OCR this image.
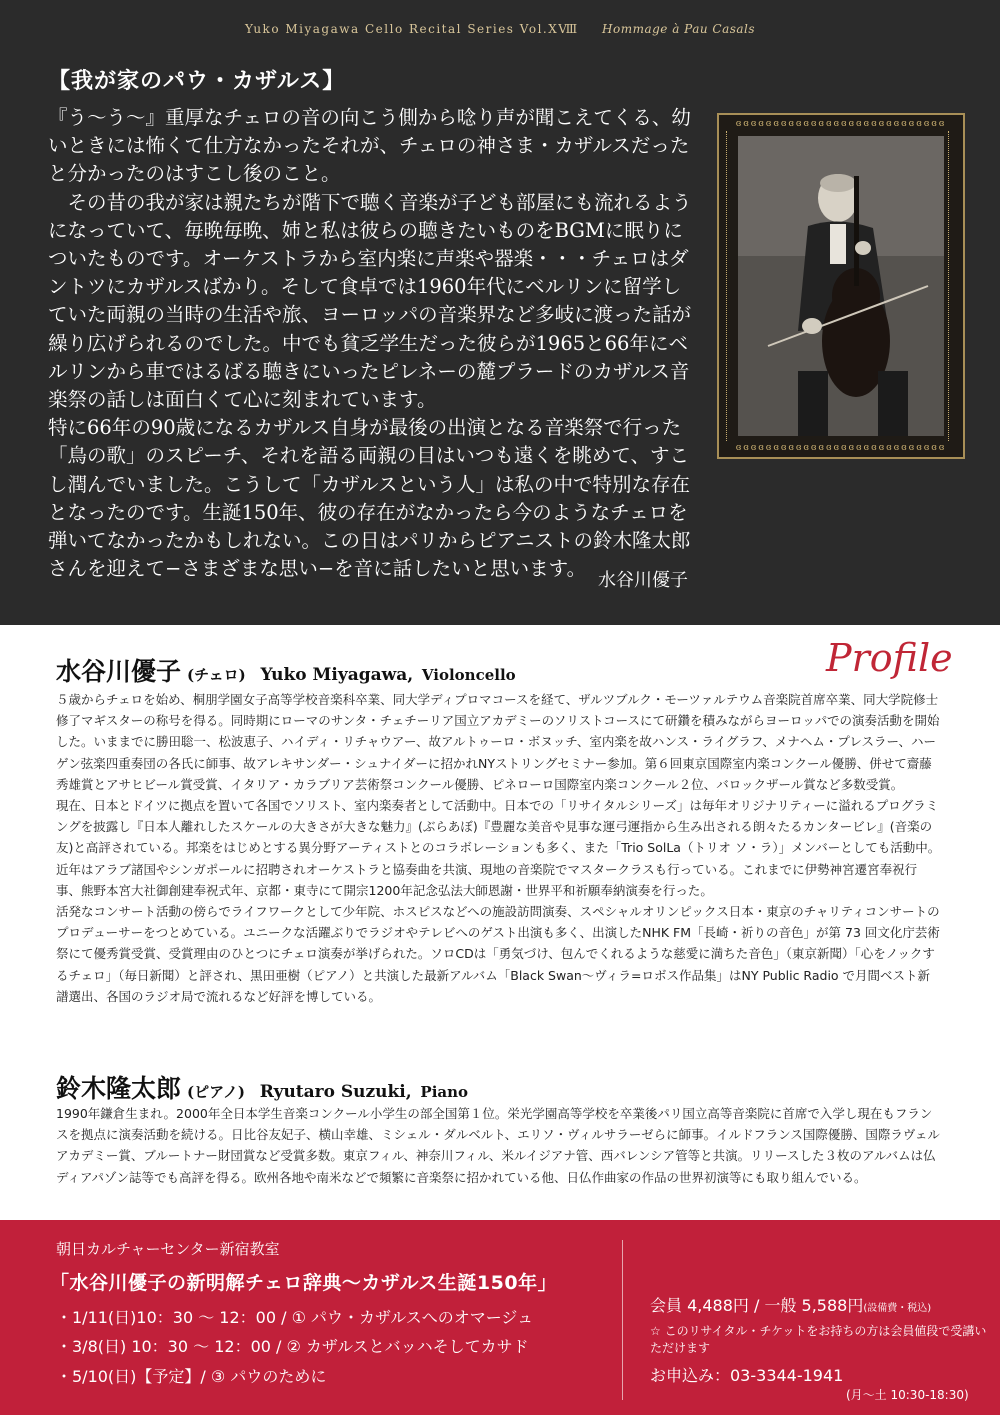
Yuko Miyagawa Cello Recital Series Vol.XⅧ Hommage à Pau Casals
【我が家のパウ・カザルス】

『う〜う〜』重厚なチェロの音の向こう側から唸り声が聞こえてくる、幼いときには怖くて仕方なかったそれが、チェロの神さま・カザルスだったと分かったのはすこし後のこと。

その昔の我が家は親たちが階下で聴く音楽が子ども部屋にも流れるようになっていて、毎晩毎晩、姉と私は彼らの聴きたいものをBGMに眠りについたものです。オーケストラから室内楽に声楽や器楽・・・チェロはダントツにカザルスばかり。そして食卓では1960年代にベルリンに留学していた両親の当時の生活や旅、ヨーロッパの音楽界など多岐に渡った話が繰り広げられるのでした。中でも貧乏学生だった彼らが1965と66年にベルリンから車ではるばる聴きにいったピレネーの麓プラードのカザルス音楽祭の話しは面白くて心に刻まれています。

特に66年の90歳になるカザルス自身が最後の出演となる音楽祭で行った「鳥の歌」のスピーチ、それを語る両親の目はいつも遠くを眺めて、すこし潤んでいました。こうして「カザルスという人」は私の中で特別な存在となったのです。生誕150年、彼の存在がなかったら今のようなチェロを弾いてなかったかもしれない。この日はパリからピアニストの鈴木隆太郎さんを迎えて−さまざまな思い−を音に話したいと思います。

水谷川優子
ɞɞɞɞɞɞɞɞɞɞɞɞɞɞɞɞɞɞɞɞɞɞɞɞɞɞɞɞ
ɞɞɞɞɞɞɞɞɞɞɞɞɞɞɞɞɞɞɞɞɞɞɞɞɞɞɞɞ
Profile
水谷川優子 (チェロ) Yuko Miyagawa, Violoncello

５歳からチェロを始め、桐朋学園女子高等学校音楽科卒業、同大学ディプロマコースを経て、ザルツブルク・モーツァルテウム音楽院首席卒業、同大学院修士修了マギスターの称号を得る。同時期にローマのサンタ・チェチーリア国立アカデミーのソリストコースにて研鑽を積みながらヨーロッパでの演奏活動を開始した。いままでに勝田聡一、松波恵子、ハイディ・リチャウアー、故アルトゥーロ・ボヌッチ、室内楽を故ハンス・ライグラフ、メナヘム・プレスラー、ハーゲン弦楽四重奏団の各氏に師事、故アレキサンダー・シュナイダーに招かれNYストリングセミナー参加。第６回東京国際室内楽コンクール優勝、併せて齋藤秀雄賞とアサヒビール賞受賞、イタリア・カラブリア芸術祭コンクール優勝、ピネローロ国際室内楽コンクール２位、バロックザール賞など多数受賞。

現在、日本とドイツに拠点を置いて各国でソリスト、室内楽奏者として活動中。日本での「リサイタルシリーズ」は毎年オリジナリティーに溢れるプログラミングを披露し『日本人離れしたスケールの大きさが大きな魅力』(ぶらあぼ)『豊麗な美音や見事な運弓運指から生み出される朗々たるカンタービレ』(音楽の友)と高評されている。邦楽をはじめとする異分野アーティストとのコラボレーションも多く、また「Trio SolLa（トリオ ソ・ラ）」メンバーとしても活動中。近年はアラブ諸国やシンガポールに招聘されオーケストラと協奏曲を共演、現地の音楽院でマスタークラスも行っている。これまでに伊勢神宮遷宮奉祝行事、熊野本宮大社御創建奉祝式年、京都・東寺にて開宗1200年記念弘法大師恩謝・世界平和祈願奉納演奏を行った。

活発なコンサート活動の傍らでライフワークとして少年院、ホスピスなどへの施設訪問演奏、スペシャルオリンピックス日本・東京のチャリティコンサートのプロデューサーをつとめている。ユニークな活躍ぶりでラジオやテレビへのゲスト出演も多く、出演したNHK FM「長崎・祈りの音色」が第 73 回文化庁芸術祭にて優秀賞受賞、受賞理由のひとつにチェロ演奏が挙げられた。ソロCDは「勇気づけ、包んでくれるような慈愛に満ちた音色」（東京新聞）「心をノックするチェロ」（毎日新聞）と評され、黒田亜樹（ピアノ）と共演した最新アルバム「Black Swan〜ヴィラ=ロボス作品集」はNY Public Radio で月間ベスト新譜選出、各国のラジオ局で流れるなど好評を博している。

鈴木隆太郎 (ピアノ) Ryutaro Suzuki, Piano

1990年鎌倉生まれ。2000年全日本学生音楽コンクール小学生の部全国第１位。栄光学園高等学校を卒業後パリ国立高等音楽院に首席で入学し現在もフランスを拠点に演奏活動を続ける。日比谷友妃子、横山幸雄、ミシェル・ダルベルト、エリソ・ヴィルサラーゼらに師事。イルドフランス国際優勝、国際ラヴェルアカデミー賞、ブルートナー財団賞など受賞多数。東京フィル、神奈川フィル、米ルイジアナ管、西バレンシア管等と共演。リリースした３枚のアルバムは仏ディアパゾン誌等でも高評を得る。欧州各地や南米などで頻繁に音楽祭に招かれている他、日仏作曲家の作品の世界初演等にも取り組んでいる。

朝日カルチャーセンター新宿教室
「水谷川優子の新明解チェロ辞典〜カザルス生誕150年」
・1/11(日)10：30 〜 12：00 / ① パウ・カザルスへのオマージュ
・3/8(日) 10：30 〜 12：00 / ② カザルスとバッハそしてカサド
・5/10(日)【予定】/ ③ パウのために
会員 4,488円 / 一般 5,588円(設備費・税込)
☆ このリサイタル・チケットをお持ちの方は会員値段で受講いただけます
お申込み：03-3344-1941
(月〜土 10:30-18:30)
